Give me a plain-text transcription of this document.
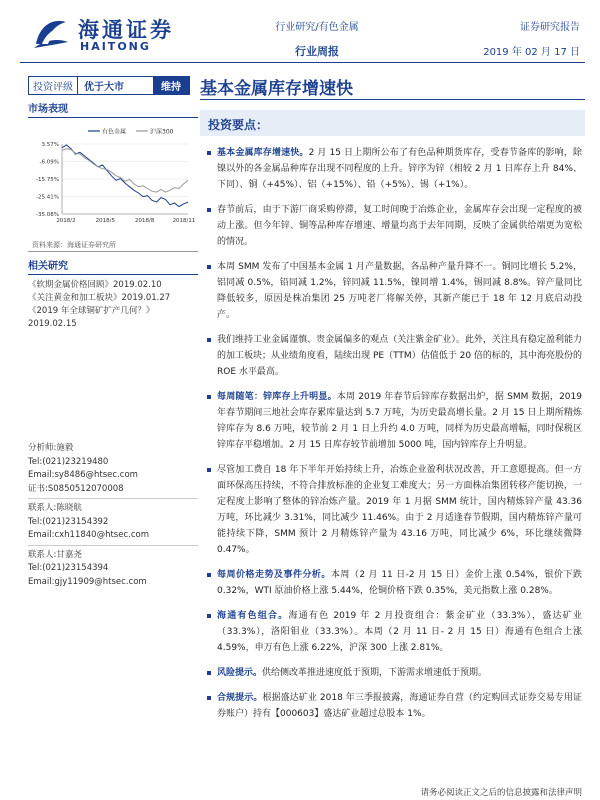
海通证券
HAITONG
行业研究/有色金属
行业周报
证券研究报告
2019 年 02 月 17 日
投资评级	优于大市	维持	基本金属库存增速快
市场表现
有色金属	沪深300
3.57%
-6.09%
-15.75%
-25.41%
-35.08%
2018/2	2018/5	2018/8	2018/11
资料来源：海通证券研究所
相关研究
《软期金属价格回顾》2019.02.10
《关注黄金和加工板块》2019.01.27
《2019 年全球铜矿扩产几何？》
2019.02.15
分析师:施毅
Tel:(021)23219480
Email:sy8486@htsec.com
证书:S0850512070008
联系人:陈晓航
Tel:(021)23154392
Email:cxh11840@htsec.com
联系人:甘嘉尧
Tel:(021)23154394
Email:gjy11909@htsec.com
投资要点：
基本金属库存增速快。2 月 15 日上期所公布了有色品种期货库存，受春节备库的影响，除镍以外的各金属品种库存出现不同程度的上升。锌序为锌（相较 2 月 1 日库存上升 84%、下同）、铜（+45%）、铝（+15%）、铅（+5%）、锡（+1%）。
春节前后，由于下游厂商采购停滞，复工时间晚于冶炼企业，金属库存会出现一定程度的被动上涨。但今年锌、铜等品种库存增速、增量均高于去年同期，反映了金属供给端更为宽松的情况。
本周 SMM 发布了中国基本金属 1 月产量数据，各品种产量升降不一。铜同比增长 5.2%，铝同减 0.5%，铅同减 1.2%，锌同减 11.5%，镍同增 1.4%，锡同减 8.8%。锌产量同比降低较多，原因是株冶集团 25 万吨老厂将解关停，其新产能已于 18 年 12 月底启动投产。
我们维持工业金属谨慎、贵金属偏多的观点（关注紫金矿业）。此外，关注具有稳定盈利能力的加工板块；从业绩角度看，陆续出现 PE（TTM）估值低于 20 倍的标的，其中海亮股份的 ROE 水平最高。
每周随笔：锌库存上升明显。本周 2019 年春节后锌库存数据出炉，据 SMM 数据，2019 年春节期间三地社会库存累库量达到 5.7 万吨，为历史最高增长量。2 月 15 日上期所精炼锌库存为 8.6 万吨，较节前 2 月 1 日上升约 4.0 万吨，同样为历史最高增幅，同时保税区锌库存平稳增加。2 月 15 日库存较节前增加 5000 吨，国内锌库存上升明显。
尽管加工费自 18 年下半年开始持续上升，冶炼企业盈利状况改善，开工意愿提高。但一方面环保高压持续，不符合排放标准的企业复工难度大；另一方面株冶集团转移产能切换，一定程度上影响了整体的锌冶炼产量。2019 年 1 月据 SMM 统计，国内精炼锌产量 43.36 万吨，环比减少 3.31%，同比减少 11.46%。由于 2 月适逢春节假期，国内精炼锌产量可能持续下降，SMM 预计 2 月精炼锌产量为 43.16 万吨，同比减少 6%，环比继续微降 0.47%。
每周价格走势及事件分析。本周（2 月 11 日-2 月 15 日）金价上涨 0.54%，银价下跌 0.32%，WTI 原油价格上涨 5.44%，伦铜价格下跌 0.35%，美元指数上涨 0.28%。
海通有色组合。海通有色 2019 年 2 月投资组合：紫金矿业（33.3%），盛达矿业（33.3%），洛阳钼业（33.3%）。本周（2 月 11 日- 2 月 15 日）海通有色组合上涨 4.59%，申万有色上涨 6.22%，沪深 300 上涨 2.81%。
风险提示。供给侧改革推进速度低于预期，下游需求增速低于预期。
合规提示。根据盛达矿业 2018 年三季报披露，海通证券自营（约定购回式证券交易专用证券账户）持有【000603】盛达矿业超过总股本 1%。
请务必阅读正文之后的信息披露和法律声明
